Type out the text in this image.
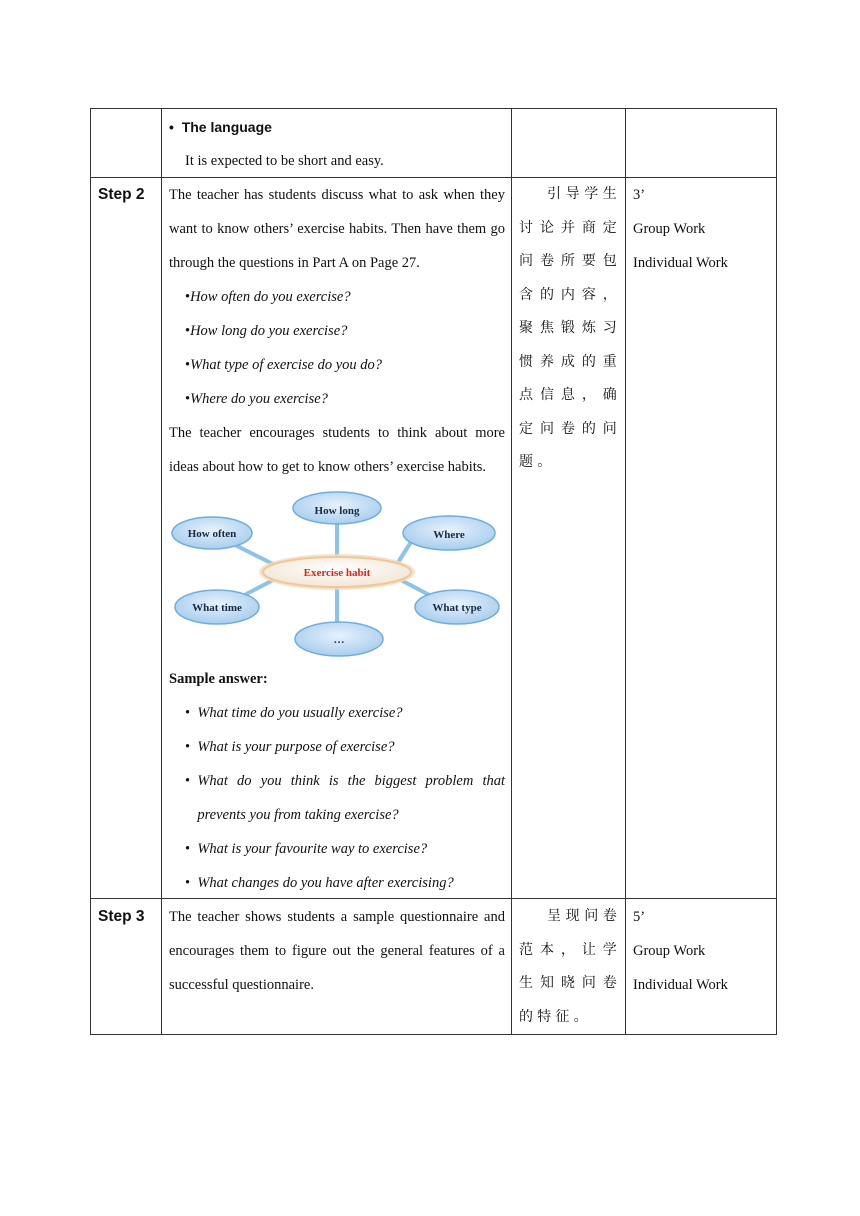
•  The language
It is expected to be short and easy.
Step 2 The teacher has students discuss what to ask when they want to know others’ exercise habits. Then have them go through the questions in Part A on Page 27.
•How often do you exercise?
•How long do you exercise?
•What type of exercise do you do?
•Where do you exercise?
The teacher encourages students to think about more ideas about how to get to know others’ exercise habits.
Exercise habit
How long
How often	Where
What time	What type
…
Sample answer:
•  What time do you usually exercise?
•  What is your purpose of exercise?
• What do you think is the biggest problem that prevents you from taking exercise?
•  What is your favourite way to exercise?
•  What changes do you have after exercising?
引导学生讨论并商定问卷所要包含的内容，聚焦锻炼习惯养成的重点信息，确定问卷的问题。
3’
Group Work
Individual Work
Step 3 The teacher shows students a sample questionnaire and encourages them to figure out the general features of a successful questionnaire.
呈现问卷范本，让学生知晓问卷的特征。
5’
Group Work
Individual Work
